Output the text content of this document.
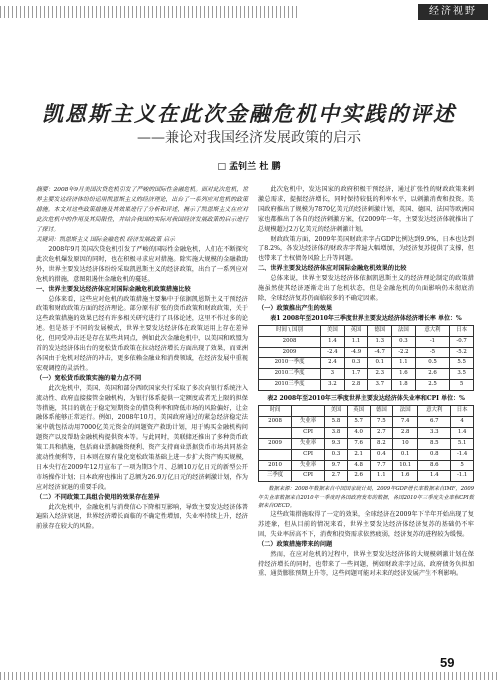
经济视野
凯恩斯主义在此次金融危机中实践的评述
——兼论对我国经济发展政策的启示
□ 孟钊兰 杜 鹏

摘要：2008年9月美国次贷危机引发了严峻的国际性金融危机。面对此次危机，世界主要发达经济体纷纷运用凯恩斯主义的经济理论，出台了一系列应对危机的政策措施。本文对这些政策措施及其效果进行了分析和评述，揭示了凯恩斯主义在应对此次危机中的作用及其局限性，并结合我国的实际对我国经济发展政策的启示进行了探讨。

关键词：凯恩斯主义 国际金融危机 经济发展政策 启示

2008年9月美国次贷危机引发了严峻的国际性金融危机，人们在不断探究此次危机爆发原因的同时，也在积极寻求应对措施。除实施大规模的金融救助外，世界主要发达经济体纷纷采取凯恩斯主义的经济政策，出台了一系列应对危机的措施，意图阻遏住金融危机的蔓延。

一、世界主要发达经济体应对国际金融危机政策措施比较

总体来看，这些应对危机的政策措施主要集中于依据凯恩斯主义干预经济政策和财政政策方面的经济理论。部分原有扩张的货币政策和财政政策，关于这些政策措施的效果已经有许多相关研究进行了具体论述，这里不作过多的论述。但是基于不同的发展模式，世界主要发达经济体在政策运用上存在差异化，但同受冲击还是存在某些共同点，例如此次金融危机中，以美国和欧盟为首的发达经济体出台的宽松货币政策在拉动经济增长方面出现了效果，而亚洲各国由于危机对经济的冲击，更多依赖金融业和消费领域，在经济发展中重视宏观调控的灵活性。

（一）宽松货币政策实施的着力点不同

此次危机中，美国、英国和部分西欧国家央行采取了多次向银行系统注入流动性、政府直接接管金融机构，为银行体系提供一定额度或者无上限的担保等措施，其目的就在于稳定短期资金的借贷利率和降低市场的风险偏好，让金融体系能够正常运行。例如，2008年10月，美国政府通过的紧急经济稳定法案中就包括动用7000亿美元资金的问题资产救助计划，用于购买金融机构问题资产以及帮助金融机构提供资本等。与此同时，美联储还推出了多种货币政策工具和措施，包括商业票据融资便利、资产支持商业票据货币市场共同基金流动性便利等，日本则在原有量化宽松政策基础上进一步扩大资产购买规模，日本央行在2009年12月宣布了一项为期3个月、总额10万亿日元的新型公开市场操作计划；日本政府也推出了总额为26.9万亿日元的经济刺激计划，作为应对经济衰退的重要手段。

（二）不同政策工具组合使用的效果存在差异

此次危机中，金融危机与消费信心下降相互影响，导致主要发达经济体普遍陷入经济衰退，世界经济增长面临的不确定性增加，失业率持续上升，经济前景存在较大的风险。

此次危机中，发达国家的政府积极干预经济，通过扩张性的财政政策来刺激总需求，提振经济增长，同时保持较低的利率水平，以刺激消费和投资。美国政府推出了规模为7870亿美元的经济刺激计划，英国、德国、法国等欧洲国家也都推出了各自的经济刺激方案，仅2009年一年，主要发达经济体就推出了总规模超过2万亿美元的经济刺激计划。

财政政策方面，2009年美国财政赤字占GDP比例达到9.9%，日本也达到了8.2%，各发达经济体的财政赤字普遍大幅增加，为经济复苏提供了支撑，但也带来了主权债务风险上升等问题。

二、世界主要发达经济体应对国际金融危机效果的比较

总体来说，世界主要发达经济体依据凯恩斯主义的经济理论制定的政策措施虽然使其经济逐渐走出了危机状态，但是金融危机的负面影响仍未彻底消除，全球经济复苏仍面临较多的不确定因素。

（一）政策推出产生的效果

表1 2008年至2010年三季度世界主要发达经济体经济增长率 单位：%

时间 \ 国别	美国	英国	德国	法国	意大利	日本
2008	1.4	1.1	1.3	0.3	-1	-0.7
2009	-2.4	-4.9	-4.7	-2.2	-5	-5.2
2010一季度	2.4	0.3	0.1	1.1	0.5	5.5
2010二季度	3	1.7	2.3	1.6	2.6	3.5
2010三季度	3.2	2.8	3.7	1.8	2.5	5

表2 2008年至2010年三季度世界主要发达经济体失业率和CPI 单位：%

时间		美国	英国	德国	法国	意大利	日本
2008	失业率	5.8	5.7	7.5	7.4	6.7	4
	CPI	3.8	4.0	2.7	2.8	3.3	1.4
2009	失业率	9.3	7.6	8.2	10	8.5	5.1
	CPI	0.3	2.1	0.4	0.1	0.8	-1.4
2010	失业率	9.7	4.8	7.7	10.1	8.6	5
三季度	CPI	2.7	2.6	1.1	1.6	1.4	-1.1

数据来源：2008年数据来自中国国家统计局，2009年GDP增长率数据来自IMF，2009年失业率数据来自2010年一季度时各国政府发布的数据，各国2010年三季度失业率和CPI数据来自OECD。

这些政策措施取得了一定的效果，全球经济在2009年下半年开始出现了复苏迹象，但从目前的情况来看，世界主要发达经济体经济复苏的基础仍不牢固，失业率居高不下，消费和投资需求依然疲弱，经济复苏的进程较为缓慢。

（二）政策措施带来的问题

然而，在应对危机的过程中，世界主要发达经济体的大规模刺激计划在保持经济增长的同时，也带来了一些问题，例如财政赤字过高、政府债务负担加重、通货膨胀预期上升等，这些问题可能对未来的经济发展产生不利影响。

59
